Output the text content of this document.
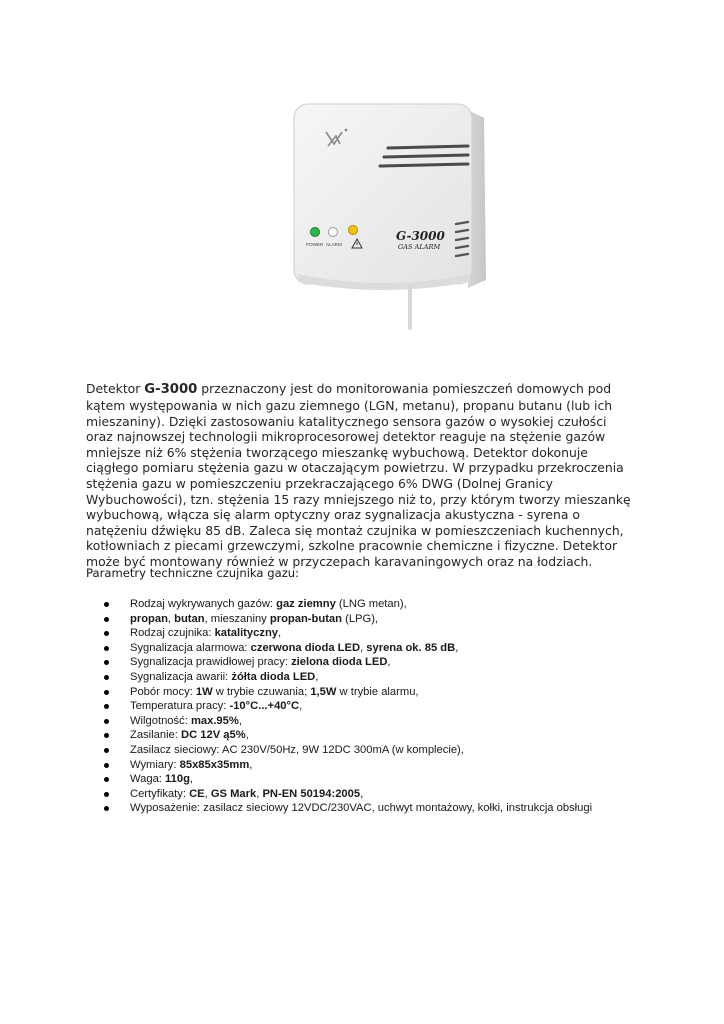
POWER ALARM
G-3000
GAS ALARM

Detektor G-3000 przeznaczony jest do monitorowania pomieszczeń domowych pod kątem występowania w nich gazu ziemnego (LGN, metanu), propanu butanu (lub ich mieszaniny). Dzięki zastosowaniu katalitycznego sensora gazów o wysokiej czułości oraz najnowszej technologii mikroprocesorowej detektor reaguje na stężenie gazów mniejsze niż 6% stężenia tworzącego mieszankę wybuchową. Detektor dokonuje ciągłego pomiaru stężenia gazu w otaczającym powietrzu. W przypadku przekroczenia stężenia gazu w pomieszczeniu przekraczającego 6% DWG (Dolnej Granicy Wybuchowości), tzn. stężenia 15 razy mniejszego niż to, przy którym tworzy mieszankę wybuchową, włącza się alarm optyczny oraz sygnalizacja akustyczna - syrena o natężeniu dźwięku 85 dB. Zaleca się montaż czujnika w pomieszczeniach kuchennych, kotłowniach z piecami grzewczymi, szkolne pracownie chemiczne i fizyczne. Detektor może być montowany również w przyczepach karavaningowych oraz na łodziach.

Parametry techniczne czujnika gazu:
Rodzaj wykrywanych gazów: gaz ziemny (LNG metan),
propan, butan, mieszaniny propan-butan (LPG),
Rodzaj czujnika: katalityczny,
Sygnalizacja alarmowa: czerwona dioda LED, syrena ok. 85 dB,
Sygnalizacja prawidłowej pracy: zielona dioda LED,
Sygnalizacja awarii: żółta dioda LED,
Pobór mocy: 1W w trybie czuwania; 1,5W w trybie alarmu,
Temperatura pracy: -10°C...+40°C,
Wilgotność: max.95%,
Zasilanie: DC 12V ą5%,
Zasilacz sieciowy: AC 230V/50Hz, 9W 12DC 300mA (w komplecie),
Wymiary: 85x85x35mm,
Waga: 110g,
Certyfikaty: CE, GS Mark, PN-EN 50194:2005,
Wyposażenie: zasilacz sieciowy 12VDC/230VAC, uchwyt montażowy, kołki, instrukcja obsługi
